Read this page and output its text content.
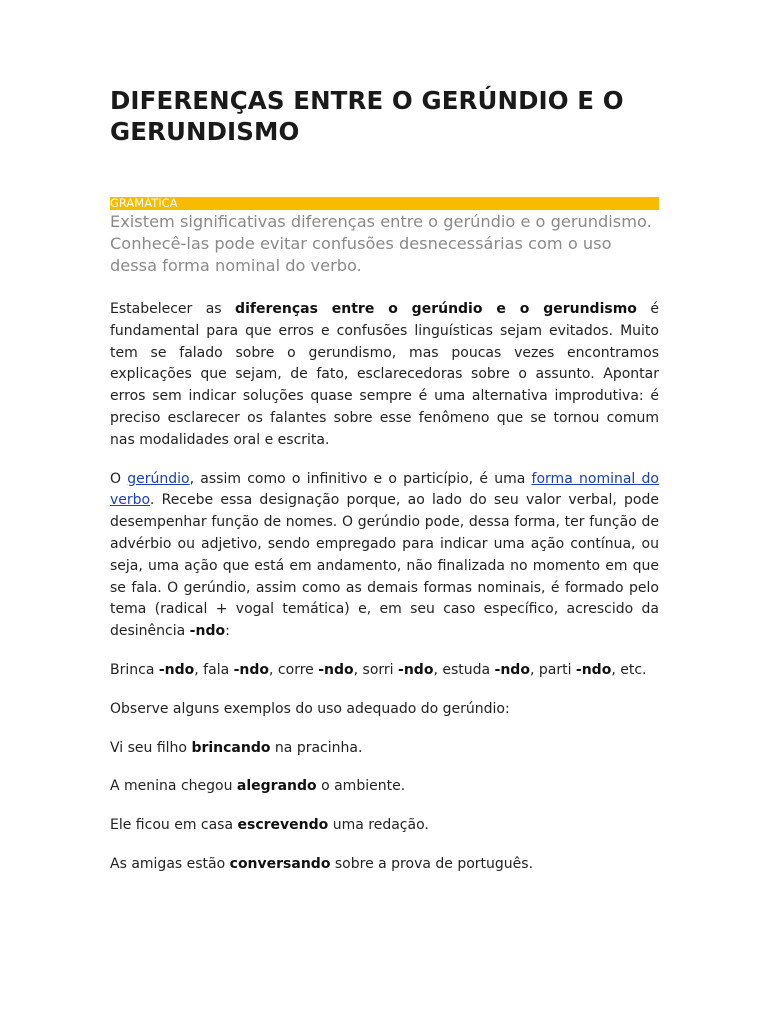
DIFERENÇAS ENTRE O GERÚNDIO E O GERUNDISMO
GRAMÁTICA

Existem significativas diferenças entre o gerúndio e o gerundismo. Conhecê-las pode evitar confusões desnecessárias com o uso dessa forma nominal do verbo.

Estabelecer as diferenças entre o gerúndio e o gerundismo é fundamental para que erros e confusões linguísticas sejam evitados. Muito tem se falado sobre o gerundismo, mas poucas vezes encontramos explicações que sejam, de fato, esclarecedoras sobre o assunto. Apontar erros sem indicar soluções quase sempre é uma alternativa improdutiva: é preciso esclarecer os falantes sobre esse fenômeno que se tornou comum nas modalidades oral e escrita.

O gerúndio, assim como o infinitivo e o particípio, é uma forma nominal do verbo. Recebe essa designação porque, ao lado do seu valor verbal, pode desempenhar função de nomes. O gerúndio pode, dessa forma, ter função de advérbio ou adjetivo, sendo empregado para indicar uma ação contínua, ou seja, uma ação que está em andamento, não finalizada no momento em que se fala. O gerúndio, assim como as demais formas nominais, é formado pelo tema (radical + vogal temática) e, em seu caso específico, acrescido da desinência -ndo:

Brinca -ndo, fala -ndo, corre -ndo, sorri -ndo, estuda -ndo, parti -ndo, etc.

Observe alguns exemplos do uso adequado do gerúndio:

Vi seu filho brincando na pracinha.

A menina chegou alegrando o ambiente.

Ele ficou em casa escrevendo uma redação.

As amigas estão conversando sobre a prova de português.
